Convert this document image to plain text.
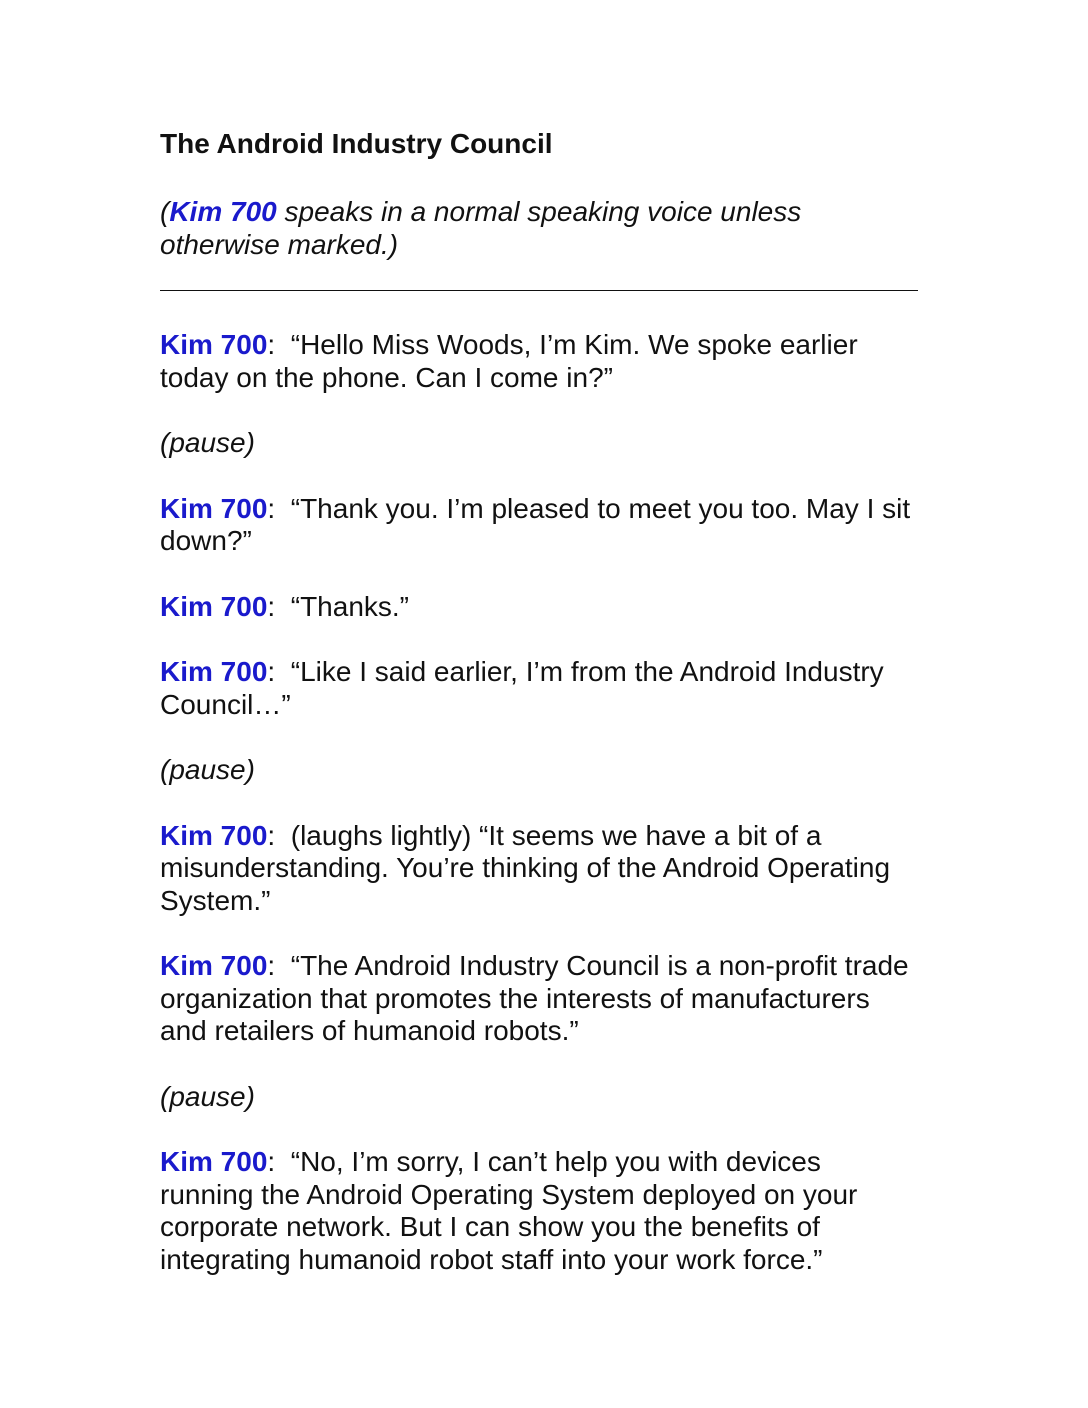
The Android Industry Council
(Kim 700 speaks in a normal speaking voice unless otherwise marked.)

Kim 700: “Hello Miss Woods, I’m Kim. We spoke earlier today on the phone. Can I come in?”

(pause)

Kim 700: “Thank you. I’m pleased to meet you too. May I sit down?”

Kim 700: “Thanks.”

Kim 700: “Like I said earlier, I’m from the Android Industry Council…”

(pause)

Kim 700: (laughs lightly) “It seems we have a bit of a misunderstanding. You’re thinking of the Android Operating System.”

Kim 700: “The Android Industry Council is a non-profit trade organization that promotes the interests of manufacturers and retailers of humanoid robots.”

(pause)

Kim 700: “No, I’m sorry, I can’t help you with devices running the Android Operating System deployed on your corporate network. But I can show you the benefits of integrating humanoid robot staff into your work force.”
